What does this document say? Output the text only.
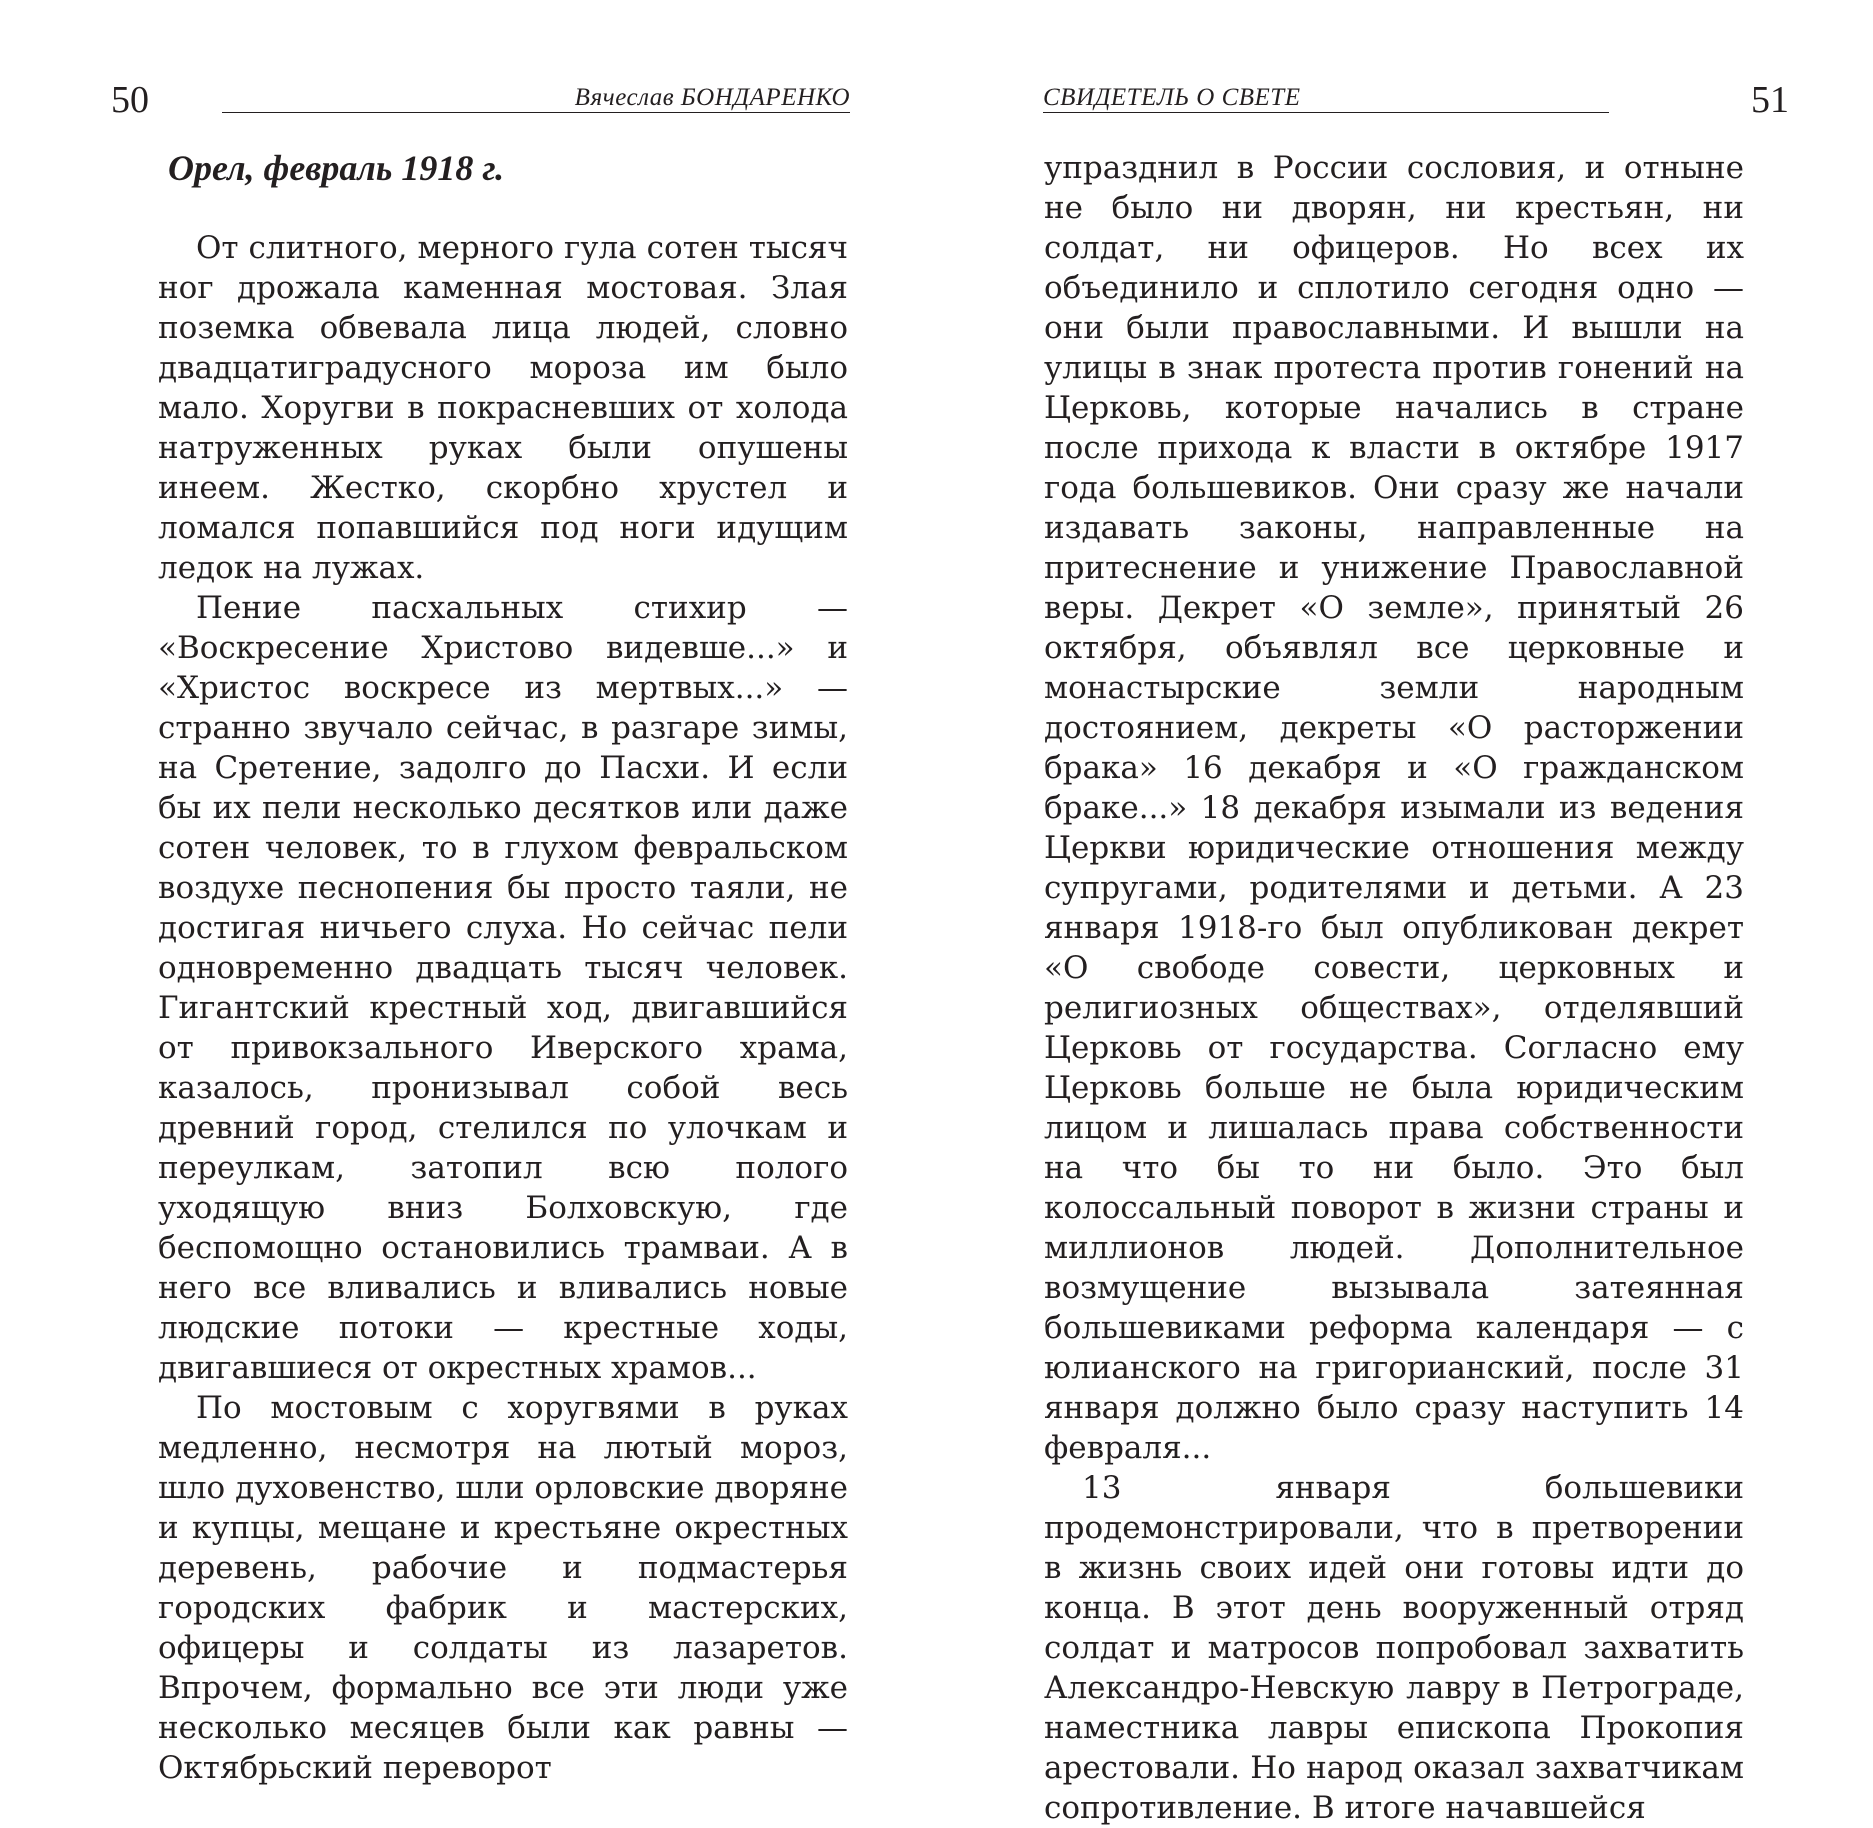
50	Вячеслав БОНДАРЕНКО
Орел, февраль 1918 г.

От слитного, мерного гула сотен тысяч ног дрожала каменная мостовая. Злая поземка обвевала лица людей, словно двадцатиградусного мороза им было мало. Хоругви в покрасневших от холода натруженных руках были опушены инеем. Жестко, скорбно хрустел и ломался попавшийся под ноги идущим ледок на лужах.

Пение пасхальных стихир — «Воскресение Христово видевше...» и «Христос воскресе из мертвых...» — странно звучало сейчас, в разгаре зимы, на Сретение, задолго до Пасхи. И если бы их пели несколько десятков или даже сотен человек, то в глухом февральском воздухе песнопения бы просто таяли, не достигая ничьего слуха. Но сейчас пели одновременно двадцать тысяч человек. Гигантский крестный ход, двигавшийся от привокзального Иверского храма, казалось, пронизывал собой весь древний город, стелился по улочкам и переулкам, затопил всю полого уходящую вниз Болховскую, где беспомощно остановились трамваи. А в него все вливались и вливались новые людские потоки — крестные ходы, двигавшиеся от окрестных храмов...

По мостовым с хоругвями в руках медленно, несмотря на лютый мороз, шло духовенство, шли орловские дворяне и купцы, мещане и крестьяне окрестных деревень, рабочие и подмастерья городских фабрик и мастерских, офицеры и солдаты из лазаретов. Впрочем, формально все эти люди уже несколько месяцев были как равны — Октябрьский переворот

СВИДЕТЕЛЬ О СВЕТЕ	51

упразднил в России сословия, и отныне не было ни дворян, ни крестьян, ни солдат, ни офицеров. Но всех их объединило и сплотило сегодня одно — они были православными. И вышли на улицы в знак протеста против гонений на Церковь, которые начались в стране после прихода к власти в октябре 1917 года большевиков. Они сразу же начали издавать законы, направленные на притеснение и унижение Православной веры. Декрет «О земле», принятый 26 октября, объявлял все церковные и монастырские земли народным достоянием, декреты «О расторжении брака» 16 декабря и «О гражданском браке...» 18 декабря изымали из ведения Церкви юридические отношения между супругами, родителями и детьми. А 23 января 1918-го был опубликован декрет «О свободе совести, церковных и религиозных обществах», отделявший Церковь от государства. Согласно ему Церковь больше не была юридическим лицом и лишалась права собственности на что бы то ни было. Это был колоссальный поворот в жизни страны и миллионов людей. Дополнительное возмущение вызывала затеянная большевиками реформа календаря — с юлианского на григорианский, после 31 января должно было сразу наступить 14 февраля...

13 января большевики продемонстрировали, что в претворении в жизнь своих идей они готовы идти до конца. В этот день вооруженный отряд солдат и матросов попробовал захватить Александро-Невскую лавру в Петрограде, наместника лавры епископа Прокопия арестовали. Но народ оказал захватчикам сопротивление. В итоге начавшейся
